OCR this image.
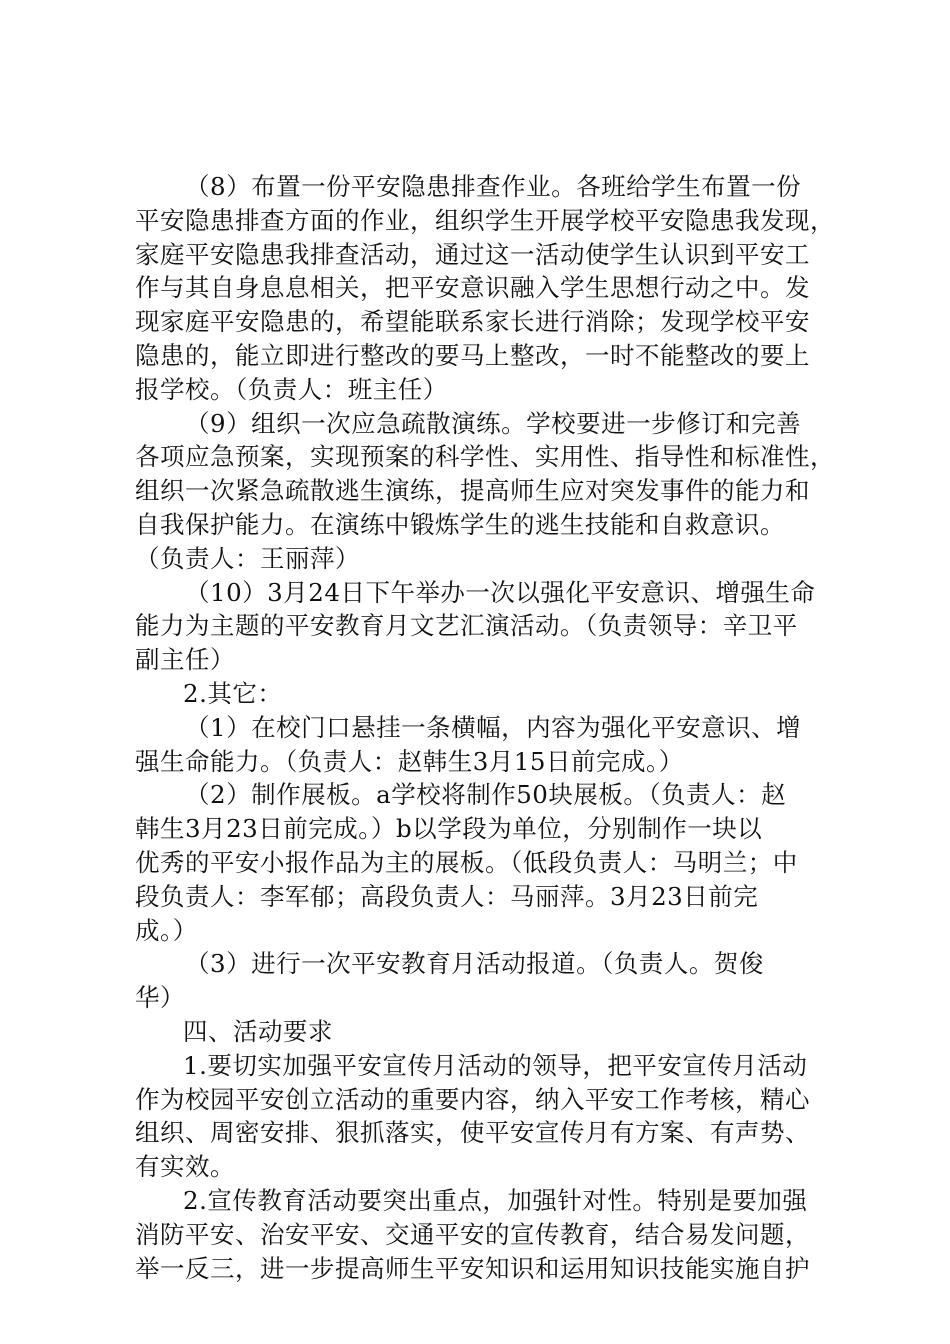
（8）布置一份平安隐患排查作业。各班给学生布置一份
平安隐患排查方面的作业，组织学生开展学校平安隐患我发现，
家庭平安隐患我排查活动，通过这一活动使学生认识到平安工
作与其自身息息相关，把平安意识融入学生思想行动之中。发
现家庭平安隐患的，希望能联系家长进行消除；发现学校平安
隐患的，能立即进行整改的要马上整改，一时不能整改的要上
报学校。（负责人：班主任）
（9）组织一次应急疏散演练。学校要进一步修订和完善
各项应急预案，实现预案的科学性、实用性、指导性和标准性，
组织一次紧急疏散逃生演练，提高师生应对突发事件的能力和
自我保护能力。在演练中锻炼学生的逃生技能和自救意识。
（负责人：王丽萍）
（10）3月24日下午举办一次以强化平安意识、增强生命
能力为主题的平安教育月文艺汇演活动。（负责领导：辛卫平
副主任）
2.其它：
（1）在校门口悬挂一条横幅，内容为强化平安意识、增
强生命能力。（负责人：赵韩生3月15日前完成。）
（2）制作展板。a学校将制作50块展板。（负责人：赵
韩生3月23日前完成。）b以学段为单位，分别制作一块以
优秀的平安小报作品为主的展板。（低段负责人：马明兰；中
段负责人：李军郁；高段负责人：马丽萍。3月23日前完
成。）
（3）进行一次平安教育月活动报道。（负责人。贺俊
华）
四、活动要求
1.要切实加强平安宣传月活动的领导，把平安宣传月活动
作为校园平安创立活动的重要内容，纳入平安工作考核，精心
组织、周密安排、狠抓落实，使平安宣传月有方案、有声势、
有实效。
2.宣传教育活动要突出重点，加强针对性。特别是要加强
消防平安、治安平安、交通平安的宣传教育，结合易发问题，
举一反三，进一步提高师生平安知识和运用知识技能实施自护
